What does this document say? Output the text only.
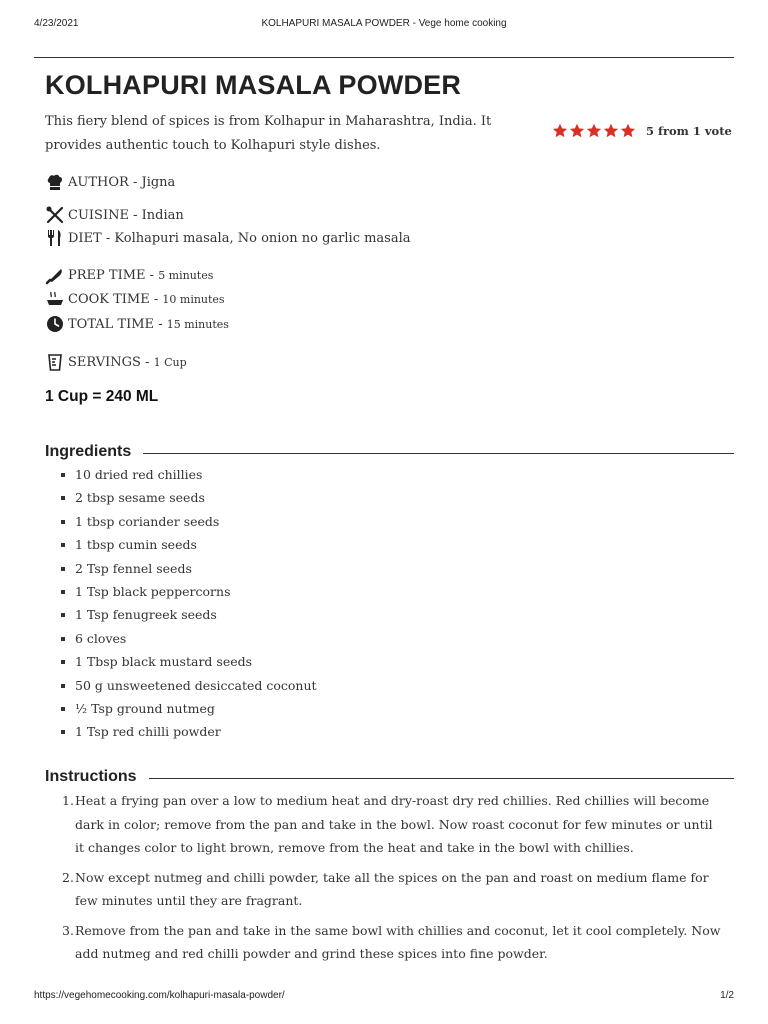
4/23/2021	KOLHAPURI MASALA POWDER - Vege home cooking
KOLHAPURI MASALA POWDER
This fiery blend of spices is from Kolhapur in Maharashtra, India. It provides authentic touch to Kolhapuri style dishes.
5 from 1 vote
AUTHOR - Jigna
CUISINE - Indian
DIET - Kolhapuri masala, No onion no garlic masala
PREP TIME - 5 minutes
COOK TIME - 10 minutes
TOTAL TIME - 15 minutes
SERVINGS - 1 Cup
1 Cup = 240 ML
Ingredients
10 dried red chillies
2 tbsp sesame seeds
1 tbsp coriander seeds
1 tbsp cumin seeds
2 Tsp fennel seeds
1 Tsp black peppercorns
1 Tsp fenugreek seeds
6 cloves
1 Tbsp black mustard seeds
50 g unsweetened desiccated coconut
½ Tsp ground nutmeg
1 Tsp red chilli powder
Instructions
1. Heat a frying pan over a low to medium heat and dry-roast dry red chillies. Red chillies will become dark in color; remove from the pan and take in the bowl. Now roast coconut for few minutes or until it changes color to light brown, remove from the heat and take in the bowl with chillies.
2. Now except nutmeg and chilli powder, take all the spices on the pan and roast on medium flame for few minutes until they are fragrant.
3. Remove from the pan and take in the same bowl with chillies and coconut, let it cool completely. Now add nutmeg and red chilli powder and grind these spices into fine powder.
https://vegehomecooking.com/kolhapuri-masala-powder/	1/2
